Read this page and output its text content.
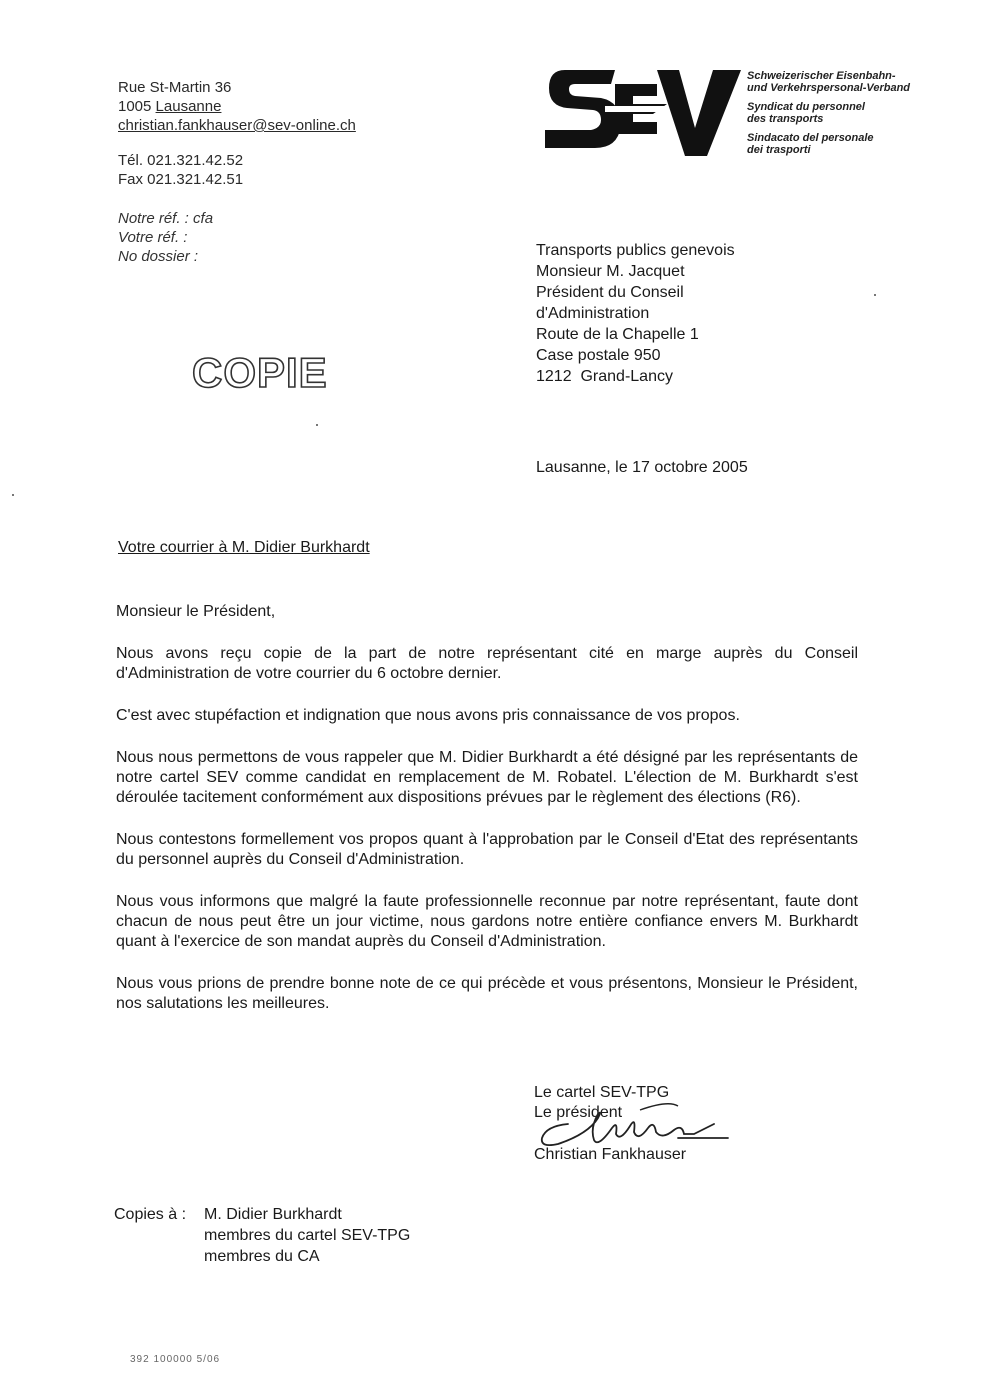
Rue St-Martin 36
1005 Lausanne
christian.fankhauser@sev-online.ch
Tél. 021.321.42.52
Fax 021.321.42.51
Notre réf. : cfa
Votre réf. :
No dossier :
Schweizerischer Eisenbahn-
und Verkehrspersonal-Verband
Syndicat du personnel
des transports
Sindacato del personale
dei trasporti
COPIE
Transports publics genevois
Monsieur M. Jacquet
Président du Conseil
d'Administration
Route de la Chapelle 1
Case postale 950
1212  Grand-Lancy
Lausanne, le 17 octobre 2005
Votre courrier à M. Didier Burkhardt

Monsieur le Président,

Nous avons reçu copie de la part de notre représentant cité en marge auprès du Conseil d'Administration de votre courrier du 6 octobre dernier.

C'est avec stupéfaction et indignation que nous avons pris connaissance de vos propos.

Nous nous permettons de vous rappeler que M. Didier Burkhardt a été désigné par les représentants de notre cartel SEV comme candidat en remplacement de M. Robatel. L'élection de M. Burkhardt s'est déroulée tacitement conformément aux dispositions prévues par le règlement des élections (R6).

Nous contestons formellement vos propos quant à l'approbation par le Conseil d'Etat des représentants du personnel auprès du Conseil d'Administration.

Nous vous informons que malgré la faute professionnelle reconnue par notre représentant, faute dont chacun de nous peut être un jour victime, nous gardons notre entière confiance envers M. Burkhardt quant à l'exercice de son mandat auprès du Conseil d'Administration.

Nous vous prions de prendre bonne note de ce qui précède et vous présentons, Monsieur le Président, nos salutations les meilleures.

Le cartel SEV-TPG
Le président
Christian Fankhauser
Copies à : M. Didier Burkhardt
membres du cartel SEV-TPG
membres du CA
392 100000 5/06
